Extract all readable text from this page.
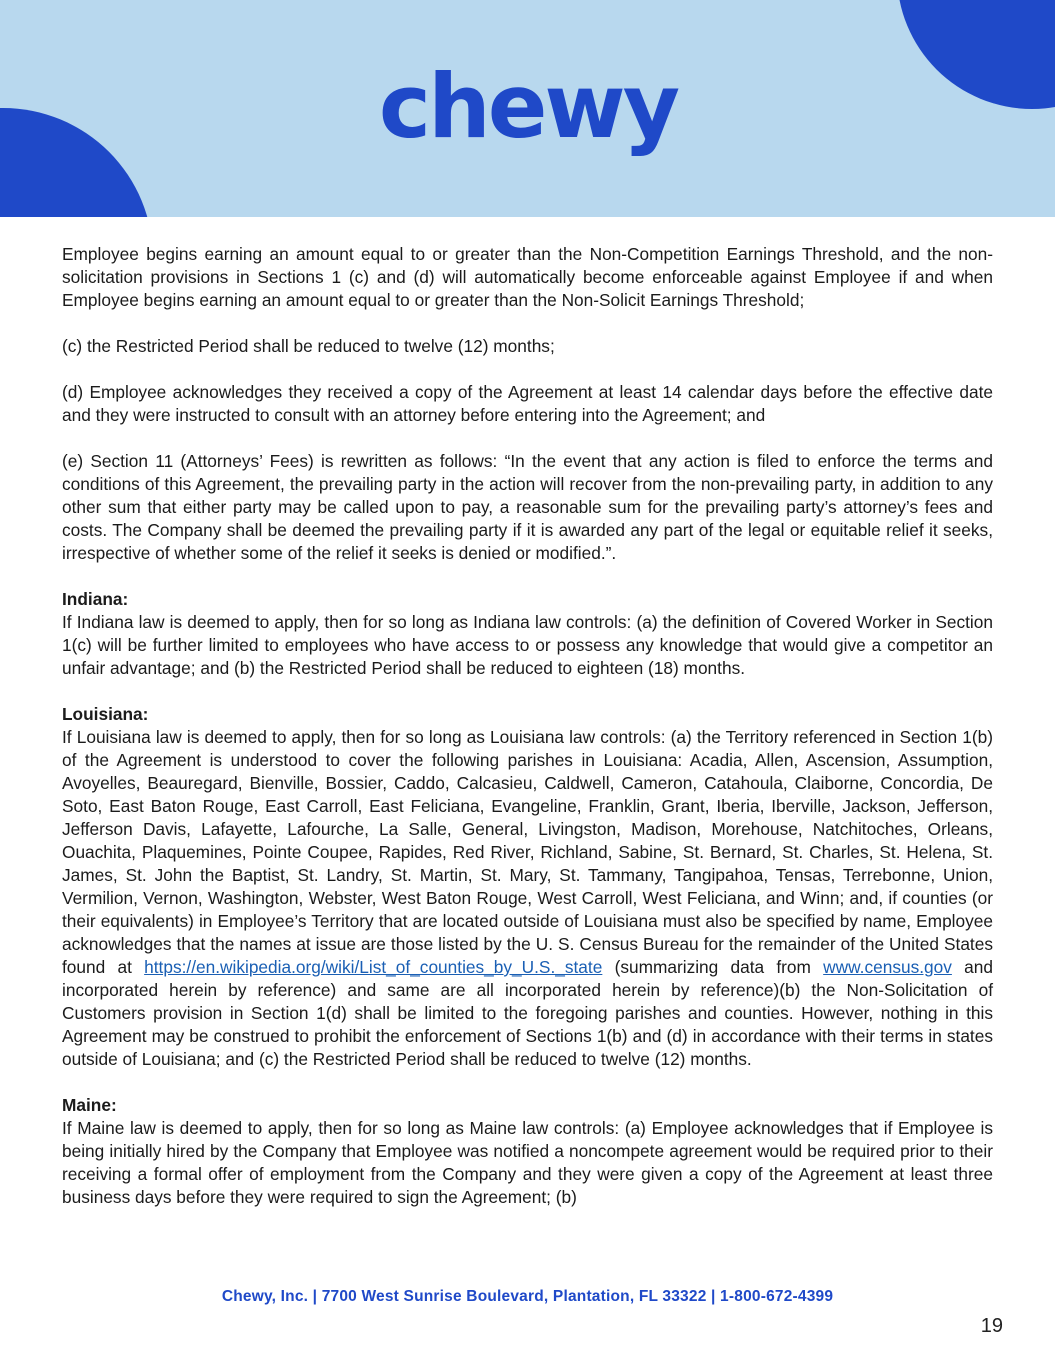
chewy

Employee begins earning an amount equal to or greater than the Non-Competition Earnings Threshold, and the non-solicitation provisions in Sections 1 (c) and (d) will automatically become enforceable against Employee if and when Employee begins earning an amount equal to or greater than the Non-Solicit Earnings Threshold;

(c) the Restricted Period shall be reduced to twelve (12) months;

(d) Employee acknowledges they received a copy of the Agreement at least 14 calendar days before the effective date and they were instructed to consult with an attorney before entering into the Agreement; and

(e) Section 11 (Attorneys’ Fees) is rewritten as follows: “In the event that any action is filed to enforce the terms and conditions of this Agreement, the prevailing party in the action will recover from the non-prevailing party, in addition to any other sum that either party may be called upon to pay, a reasonable sum for the prevailing party’s attorney’s fees and costs. The Company shall be deemed the prevailing party if it is awarded any part of the legal or equitable relief it seeks, irrespective of whether some of the relief it seeks is denied or modified.”.

Indiana:

If Indiana law is deemed to apply, then for so long as Indiana law controls: (a) the definition of Covered Worker in Section 1(c) will be further limited to employees who have access to or possess any knowledge that would give a competitor an unfair advantage; and (b) the Restricted Period shall be reduced to eighteen (18) months.

Louisiana:

If Louisiana law is deemed to apply, then for so long as Louisiana law controls: (a) the Territory referenced in Section 1(b) of the Agreement is understood to cover the following parishes in Louisiana: Acadia, Allen, Ascension, Assumption, Avoyelles, Beauregard, Bienville, Bossier, Caddo, Calcasieu, Caldwell, Cameron, Catahoula, Claiborne, Concordia, De Soto, East Baton Rouge, East Carroll, East Feliciana, Evangeline, Franklin, Grant, Iberia, Iberville, Jackson, Jefferson, Jefferson Davis, Lafayette, Lafourche, La Salle, General, Livingston, Madison, Morehouse, Natchitoches, Orleans, Ouachita, Plaquemines, Pointe Coupee, Rapides, Red River, Richland, Sabine, St. Bernard, St. Charles, St. Helena, St. James, St. John the Baptist, St. Landry, St. Martin, St. Mary, St. Tammany, Tangipahoa, Tensas, Terrebonne, Union, Vermilion, Vernon, Washington, Webster, West Baton Rouge, West Carroll, West Feliciana, and Winn; and, if counties (or their equivalents) in Employee’s Territory that are located outside of Louisiana must also be specified by name, Employee acknowledges that the names at issue are those listed by the U. S. Census Bureau for the remainder of the United States found at https://en.wikipedia.org/wiki/List_of_counties_by_U.S._state (summarizing data from www.census.gov and incorporated herein by reference) and same are all incorporated herein by reference)(b) the Non-Solicitation of Customers provision in Section 1(d) shall be limited to the foregoing parishes and counties. However, nothing in this Agreement may be construed to prohibit the enforcement of Sections 1(b) and (d) in accordance with their terms in states outside of Louisiana; and (c) the Restricted Period shall be reduced to twelve (12) months.

Maine:

If Maine law is deemed to apply, then for so long as Maine law controls: (a) Employee acknowledges that if Employee is being initially hired by the Company that Employee was notified a noncompete agreement would be required prior to their receiving a formal offer of employment from the Company and they were given a copy of the Agreement at least three business days before they were required to sign the Agreement; (b)

Chewy, Inc. | 7700 West Sunrise Boulevard, Plantation, FL 33322 | 1-800-672-4399
19
